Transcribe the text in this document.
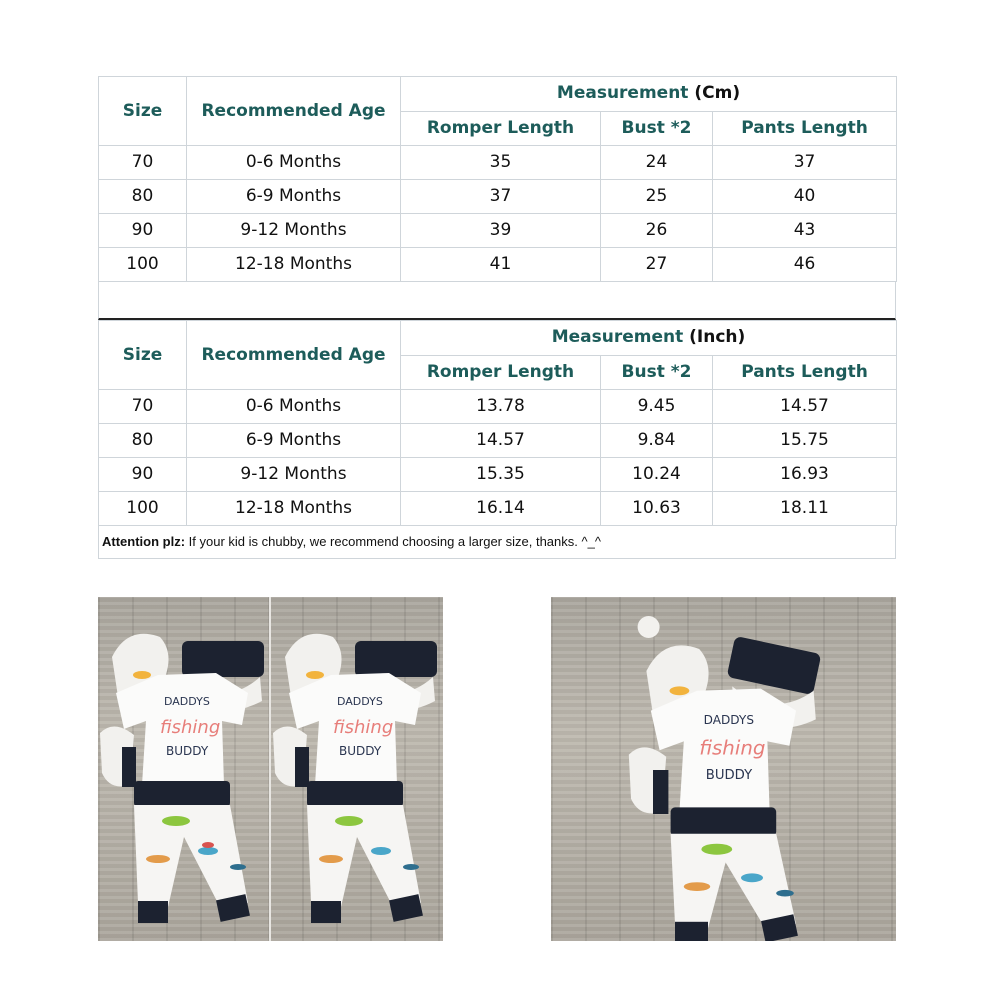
Size	Recommended Age	Measurement (Cm)		
		Romper Length	Bust *2	Pants Length
70	0-6 Months	35	24	37
80	6-9 Months	37	25	40
90	9-12 Months	39	26	43
100	12-18 Months	41	27	46
Size	Recommended Age	Measurement (Inch)		
		Romper Length	Bust *2	Pants Length
70	0-6 Months	13.78	9.45	14.57
80	6-9 Months	14.57	9.84	15.75
90	9-12 Months	15.35	10.24	16.93
100	12-18 Months	16.14	10.63	18.11
Attention plz: If your kid is chubby, we recommend choosing a larger size, thanks. ^_^
DADDYS
fishing
BUDDY
DADDYS
fishing
BUDDY
DADDYS
fishing
BUDDY
